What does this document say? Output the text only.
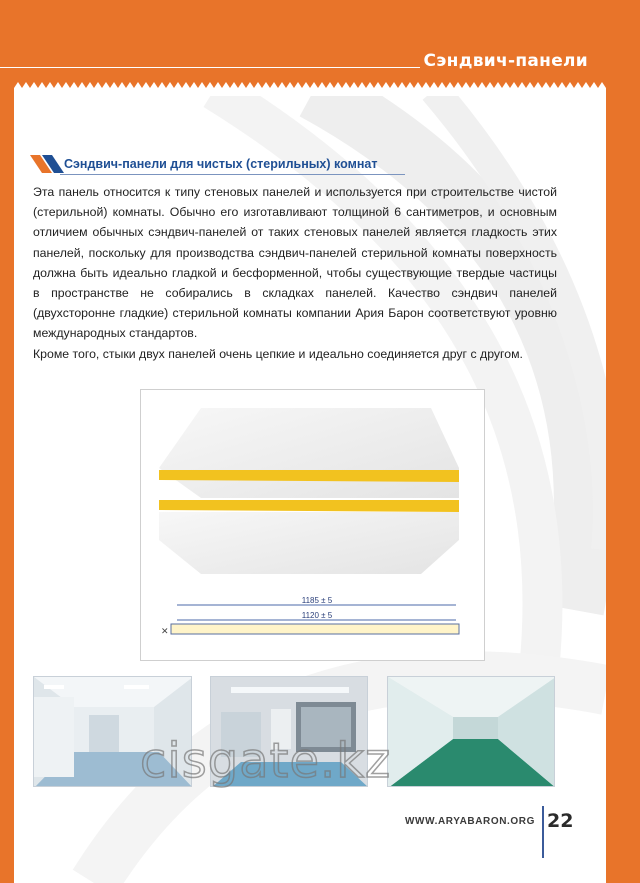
Сэндвич-панели
Сэндвич-панели для чистых (стерильных) комнат

Эта панель относится к типу стеновых панелей и используется при строительстве чистой (стерильной) комнаты. Обычно его изготавливают толщиной 6 сантиметров, и основным отличием обычных сэндвич-панелей от таких стеновых панелей является гладкость этих панелей, поскольку для производства сэндвич-панелей стерильной комнаты поверхность должна быть идеально гладкой и бесформенной, чтобы существующие твердые частицы в пространстве не собирались в складках панелей. Качество сэндвич панелей (двухсторонне гладкие) стерильной комнаты компании Ария Барон соответствуют уровню международных стандартов.

Кроме того, стыки двух панелей очень цепкие и идеально соединяется друг с другом.

1185 ± 5
1120 ± 5
✕
cisgate.kz
WWW.ARYABARON.ORG 22
